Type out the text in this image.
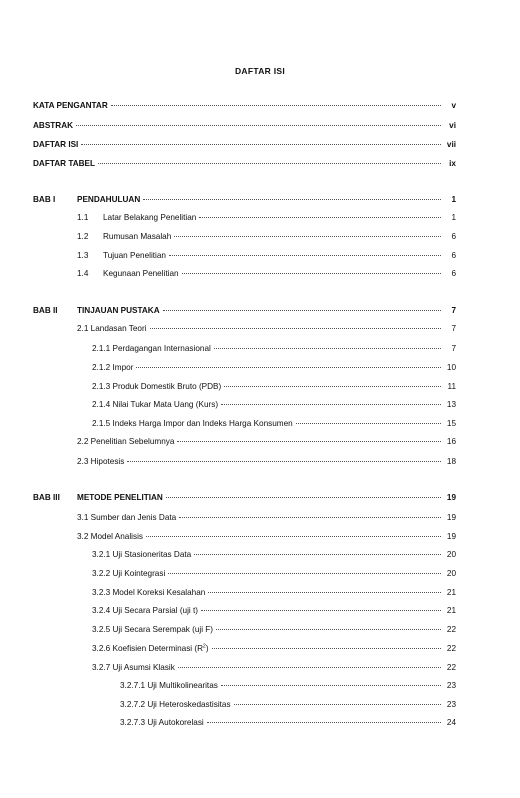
DAFTAR ISI
KATA PENGANTAR	v
ABSTRAK	vi
DAFTAR ISI	vii
DAFTAR TABEL	ix
BAB I	PENDAHULUAN	1
1.1	Latar Belakang Penelitian	1
1.2	Rumusan Masalah	6
1.3	Tujuan Penelitian	6
1.4	Kegunaan Penelitian	6
BAB II	TINJAUAN PUSTAKA	7
2.1 Landasan Teori	7
2.1.1 Perdagangan Internasional	7
2.1.2 Impor	10
2.1.3 Produk Domestik Bruto (PDB)	11
2.1.4 Nilai Tukar Mata Uang (Kurs)	13
2.1.5 Indeks Harga Impor dan Indeks Harga Konsumen	15
2.2 Penelitian Sebelumnya	16
2.3 Hipotesis	18
BAB III	METODE PENELITIAN	19
3.1 Sumber dan Jenis Data	19
3.2 Model Analisis	19
3.2.1 Uji Stasioneritas Data	20
3.2.2 Uji Kointegrasi	20
3.2.3 Model Koreksi Kesalahan	21
3.2.4 Uji Secara Parsial (uji t)	21
3.2.5 Uji Secara Serempak (uji F)	22
3.2.6 Koefisien Determinasi $(R^2)$	22
3.2.7 Uji Asumsi Klasik	22
3.2.7.1 Uji Multikolinearitas	23
3.2.7.2 Uji Heteroskedastisitas	23
3.2.7.3 Uji Autokorelasi	24
